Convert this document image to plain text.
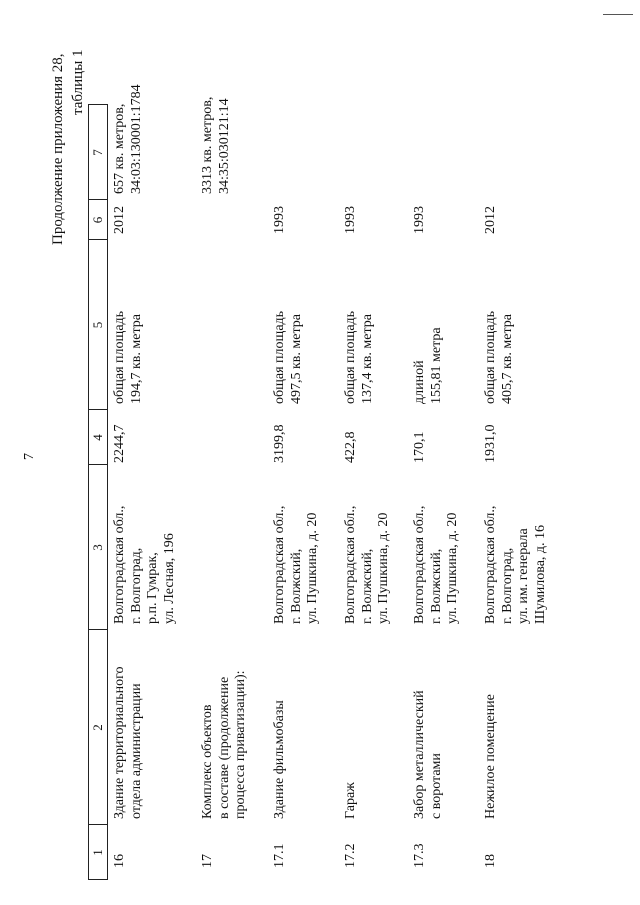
7
Продолжение приложения 28, таблицы 1
1
2
3
4
5
6
7
16
Здание территориального отдела администрации
Волгоградская обл., г. Волгоград, р.п. Гумрак, ул. Лесная, 196
2244,7
общая площадь 194,7 кв. метра
2012
657 кв. метров, 34:03:130001:1784
17
Комплекс объектов в составе (продолжение процесса приватизации):
3313 кв. метров, 34:35:030121:14
17.1
Здание фильмобазы
Волгоградская обл., г. Волжский, ул. Пушкина, д. 20
3199,8
общая площадь 497,5 кв. метра
1993
17.2
Гараж
Волгоградская обл., г. Волжский, ул. Пушкина, д. 20
422,8
общая площадь 137,4 кв. метра
1993
17.3
Забор металлический с воротами
Волгоградская обл., г. Волжский, ул. Пушкина, д. 20
170,1
длиной 155,81 метра
1993
18
Нежилое помещение
Волгоградская обл., г. Волгоград, ул. им. генерала Шумилова, д. 16
1931,0
общая площадь 405,7 кв. метра
2012
